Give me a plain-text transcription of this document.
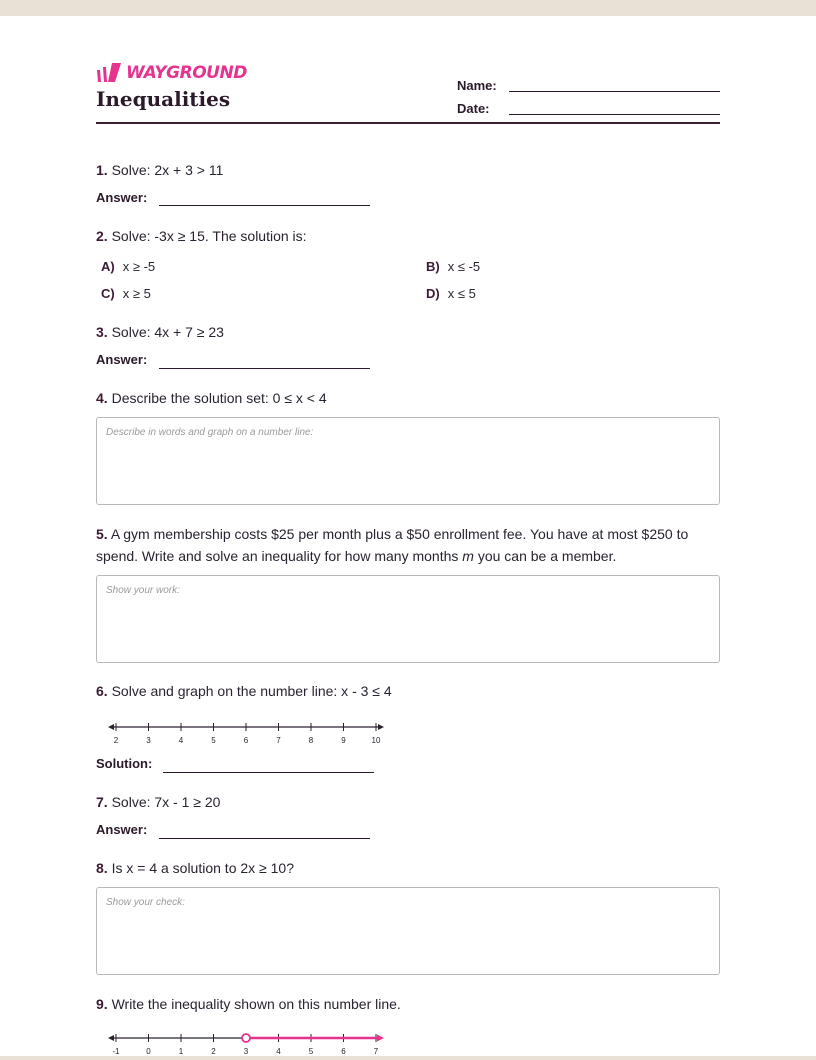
WAYGROUND
Inequalities
Name:
Date:
1. Solve: 2x + 3 > 11
Answer:
2. Solve: -3x ≥ 15. The solution is:
A) x ≥ -5	B) x ≤ -5
C) x ≥ 5	D) x ≤ 5
3. Solve: 4x + 7 ≥ 23
Answer:
4. Describe the solution set: 0 ≤ x < 4
Describe in words and graph on a number line:
5. A gym membership costs $25 per month plus a $50 enrollment fee. You have at most $250 to spend. Write and solve an inequality for how many months m you can be a member.
Show your work:
6. Solve and graph on the number line: x - 3 ≤ 4
2	3	4	5	6	7	8	9	10
Solution:
7. Solve: 7x - 1 ≥ 20
Answer:
8. Is x = 4 a solution to 2x ≥ 10?
Show your check:
9. Write the inequality shown on this number line.
-1	0	1	2	3	4	5	6	7
